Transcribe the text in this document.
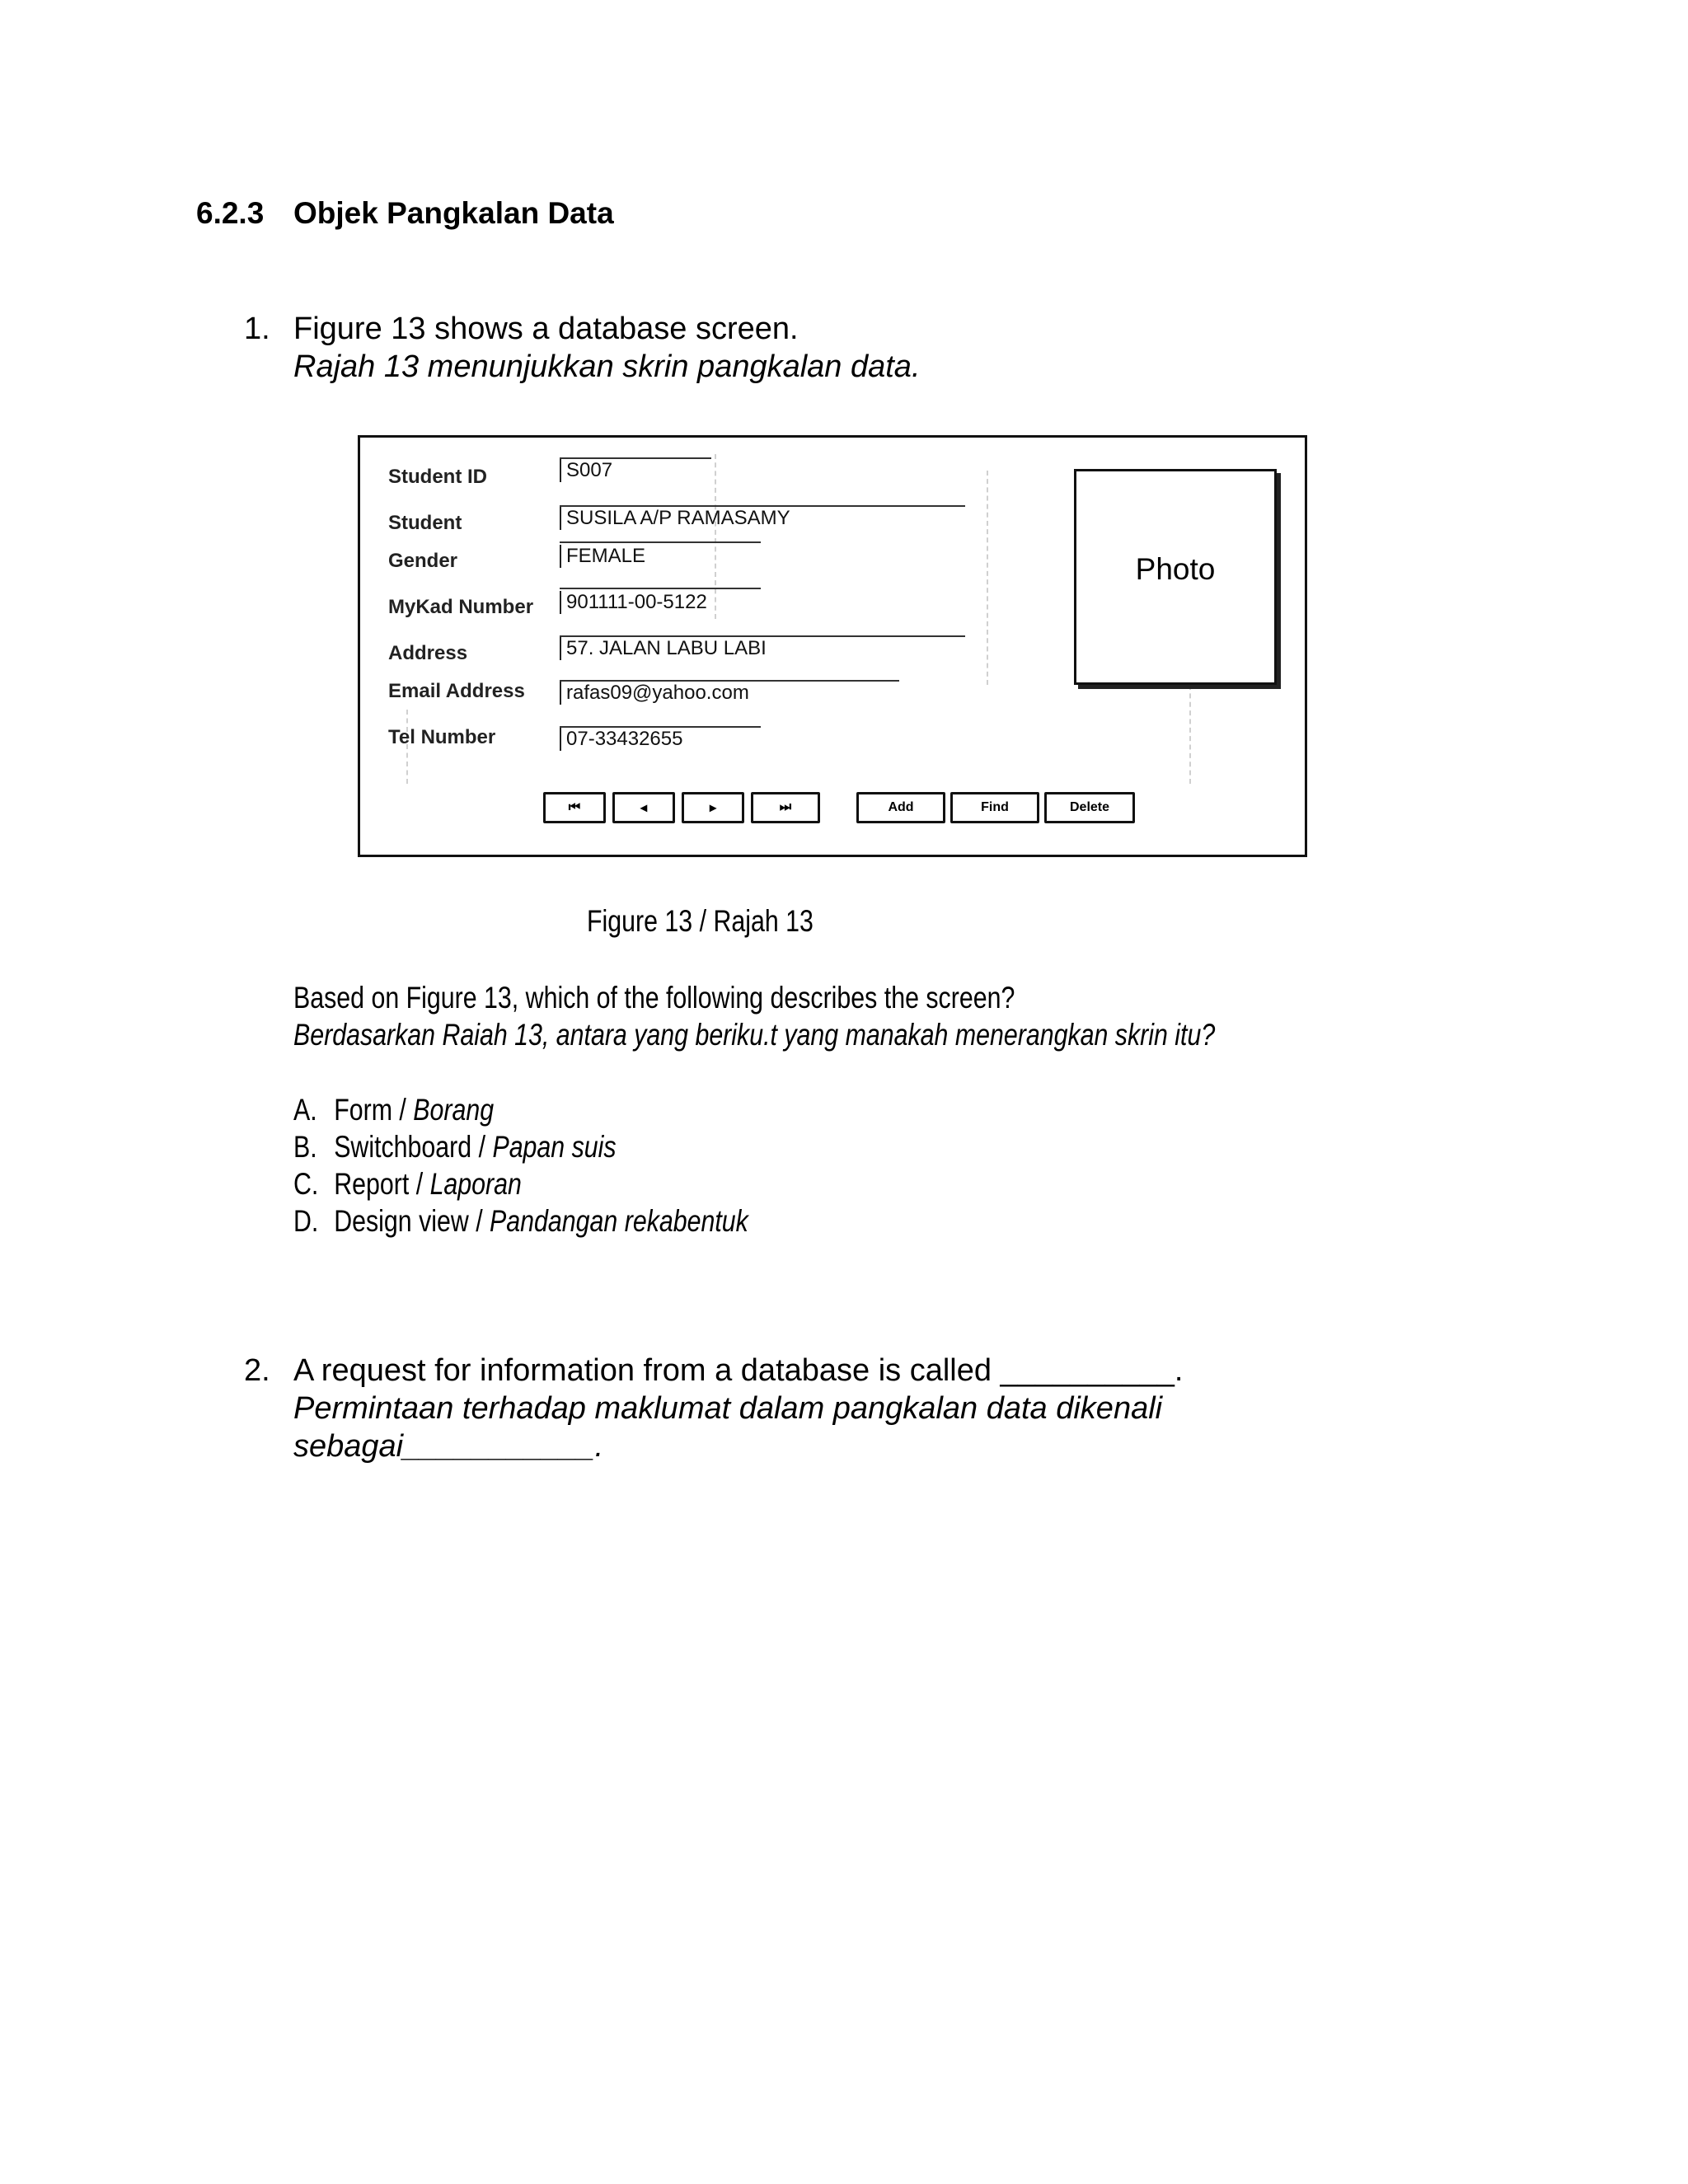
6.2.3 Objek Pangkalan Data
1. Figure 13 shows a database screen.
Rajah 13 menunjukkan skrin pangkalan data.
Student ID	S007
Student	SUSILA A/P RAMASAMY
Gender	FEMALE
MyKad Number	901111-00-5122
Address	57. JALAN LABU LABI
Email Address	rafas09@yahoo.com
Tel Number	07-33432655
Photo
⏮	◂	▸	⏭	Add	Find	Delete
Figure 13 / Rajah 13
Based on Figure 13, which of the following describes the screen?
Berdasarkan Raiah 13, antara yang beriku.t yang manakah menerangkan skrin itu?
A. Form / Borang
B. Switchboard / Papan suis
C. Report / Laporan
D. Design view / Pandangan rekabentuk
2. A request for information from a database is called __________.
Permintaan terhadap maklumat dalam pangkalan data dikenali
sebagai___________.
